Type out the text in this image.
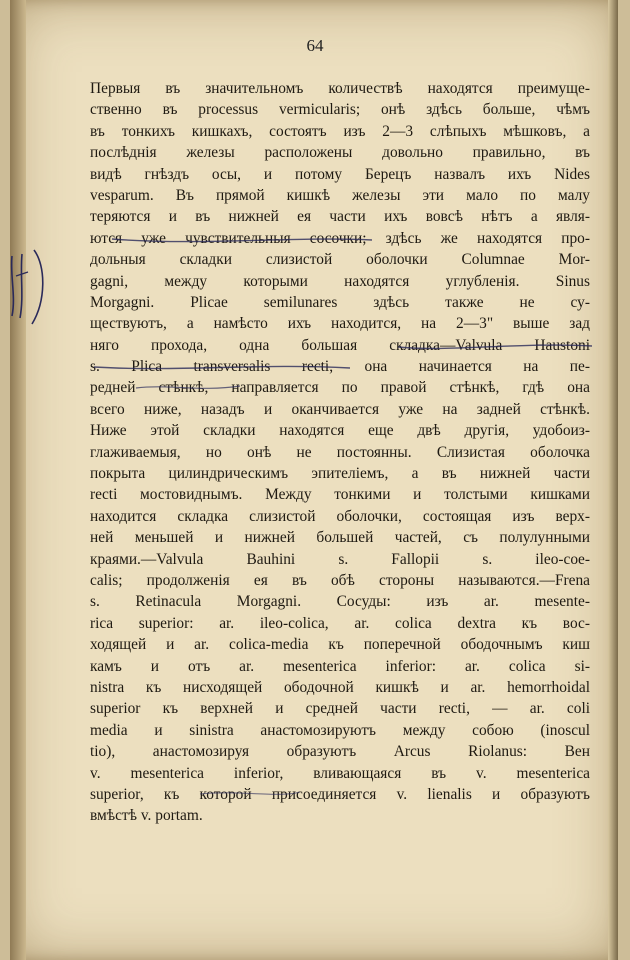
64
Первыя въ значительномъ количествѣ находятся преимуще-
ственно въ processus vermicularis; онѣ здѣсь больше, чѣмъ
въ тонкихъ кишкахъ, состоятъ изъ 2—3 слѣпыхъ мѣшковъ, а
послѣднія железы расположены довольно правильно, въ
видѣ гнѣздъ осы, и потому Берецъ назвалъ ихъ Nides
vesparum. Въ прямой кишкѣ железы эти мало по малу
теряются и въ нижней ея части ихъ вовсѣ нѣтъ а явля-
ются уже чувствительныя сосочки; здѣсь же находятся про-
дольныя складки слизистой оболочки Columnae Mor-
gagni, между которыми находятся углубленія. Sinus
Morgagni. Plicae semilunares здѣсь также не су-
ществуютъ, а намѣсто ихъ находится, на 2—3" выше зад
няго прохода, одна большая складка—Valvula Haustoni
s. Plica transversalis recti, она начинается на пе-
редней стѣнкѣ, направляется по правой стѣнкѣ, гдѣ она
всего ниже, назадъ и оканчивается уже на задней стѣнкѣ.
Ниже этой складки находятся еще двѣ другія, удобоиз-
глаживаемыя, но онѣ не постоянны. Слизистая оболочка
покрыта цилиндрическимъ эпителіемъ, а въ нижней части
recti мостовиднымъ. Между тонкими и толстыми кишками
находится складка слизистой оболочки, состоящая изъ верх-
ней меньшей и нижней большей частей, съ полулунными
краями.—Valvula Bauhini s. Fallopii s. ileo-coe-
calis; продолженія ея въ обѣ стороны называются.—Frena
s. Retinacula Morgagni. Сосуды: изъ ar. mesente-
rica superior: ar. ileo-colica, ar. colica dextra къ вос-
ходящей и ar. colica-media къ поперечной ободочнымъ киш
камъ и отъ ar. mesenterica inferior: ar. colica si-
nistra къ нисходящей ободочной кишкѣ и ar. hemorrhoidal
superior къ верхней и средней части recti, — ar. coli
media и sinistra анастомозируютъ между собою (inoscul
tio), анастомозируя образуютъ Arcus Riolanus: Вен
v. mesenterica inferior, вливающаяся въ v. mesenterica
superior, къ которой присоединяется v. lienalis и образуютъ
вмѣстѣ v. portam.
